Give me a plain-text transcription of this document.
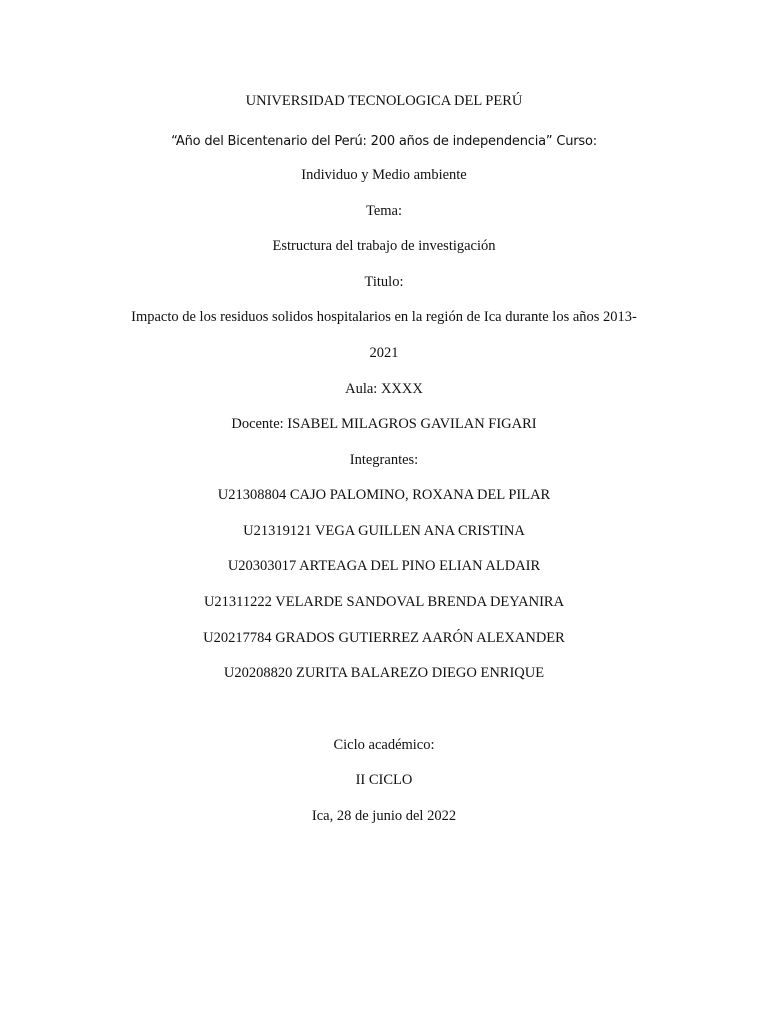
UNIVERSIDAD TECNOLOGICA DEL PERÚ
“Año del Bicentenario del Perú: 200 años de independencia” Curso:
Individuo y Medio ambiente
Tema:
Estructura del trabajo de investigación
Titulo:
Impacto de los residuos solidos hospitalarios en la región de Ica durante los años 2013-
2021
Aula: XXXX
Docente: ISABEL MILAGROS GAVILAN FIGARI
Integrantes:
U21308804 CAJO PALOMINO, ROXANA DEL PILAR
U21319121 VEGA GUILLEN ANA CRISTINA
U20303017 ARTEAGA DEL PINO ELIAN ALDAIR
U21311222 VELARDE SANDOVAL BRENDA DEYANIRA
U20217784 GRADOS GUTIERREZ AARÓN ALEXANDER
U20208820 ZURITA BALAREZO DIEGO ENRIQUE
Ciclo académico:
II CICLO
Ica, 28 de junio del 2022
